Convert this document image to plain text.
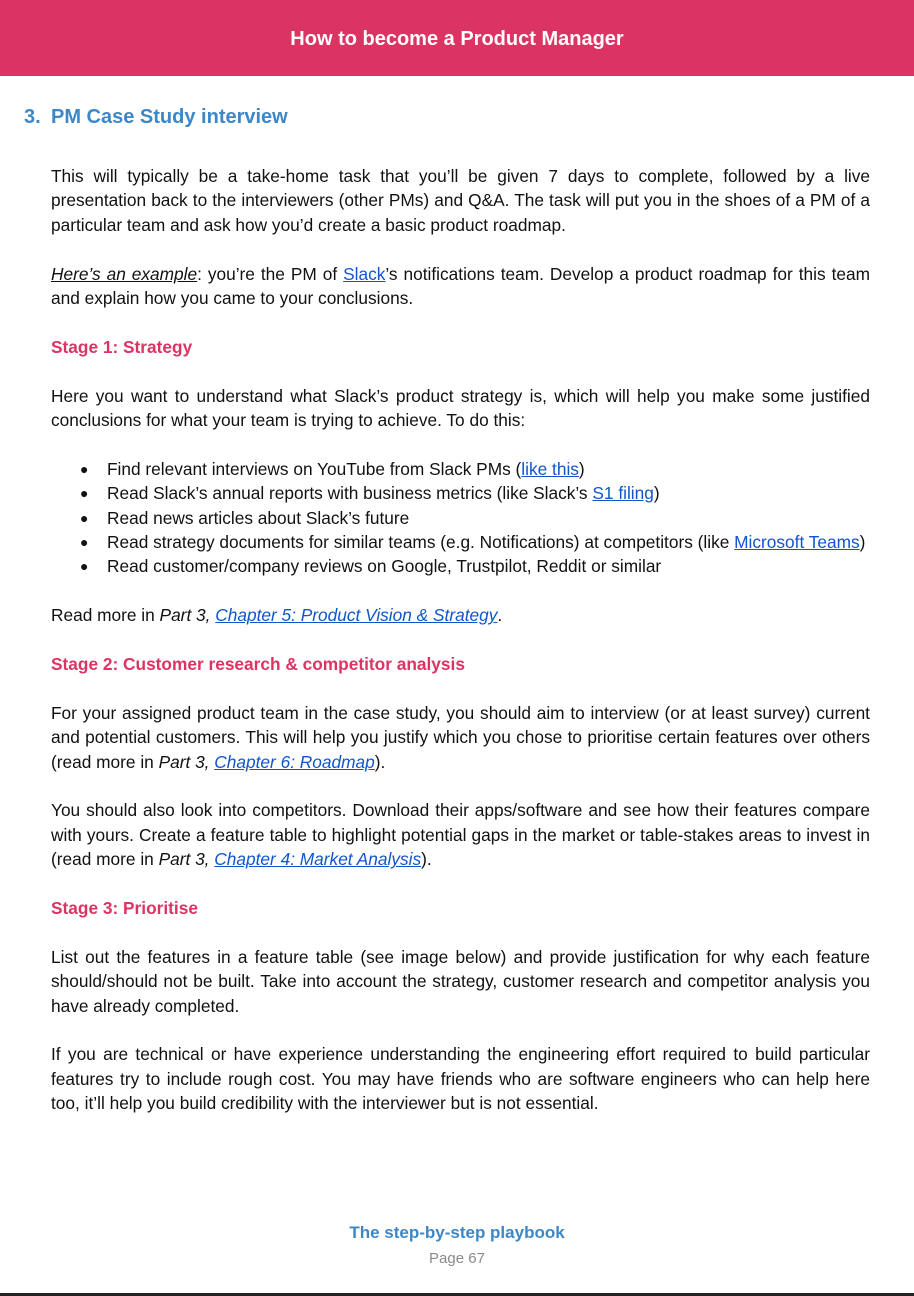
How to become a Product Manager
3. PM Case Study interview

This will typically be a take-home task that you’ll be given 7 days to complete, followed by a live presentation back to the interviewers (other PMs) and Q&A. The task will put you in the shoes of a PM of a particular team and ask how you’d create a basic product roadmap.

Here’s an example: you’re the PM of Slack’s notifications team. Develop a product roadmap for this team and explain how you came to your conclusions.

Stage 1: Strategy

Here you want to understand what Slack’s product strategy is, which will help you make some justified conclusions for what your team is trying to achieve. To do this:

● Find relevant interviews on YouTube from Slack PMs (like this)
● Read Slack’s annual reports with business metrics (like Slack’s S1 filing)
● Read news articles about Slack’s future
● Read strategy documents for similar teams (e.g. Notifications) at competitors (like Microsoft Teams)
● Read customer/company reviews on Google, Trustpilot, Reddit or similar

Read more in Part 3, Chapter 5: Product Vision & Strategy.

Stage 2: Customer research & competitor analysis

For your assigned product team in the case study, you should aim to interview (or at least survey) current and potential customers. This will help you justify which you chose to prioritise certain features over others (read more in Part 3, Chapter 6: Roadmap).

You should also look into competitors. Download their apps/software and see how their features compare with yours. Create a feature table to highlight potential gaps in the market or table-stakes areas to invest in (read more in Part 3, Chapter 4: Market Analysis).

Stage 3: Prioritise

List out the features in a feature table (see image below) and provide justification for why each feature should/should not be built. Take into account the strategy, customer research and competitor analysis you have already completed.

If you are technical or have experience understanding the engineering effort required to build particular features try to include rough cost. You may have friends who are software engineers who can help here too, it’ll help you build credibility with the interviewer but is not essential.

The step-by-step playbook
Page 67
